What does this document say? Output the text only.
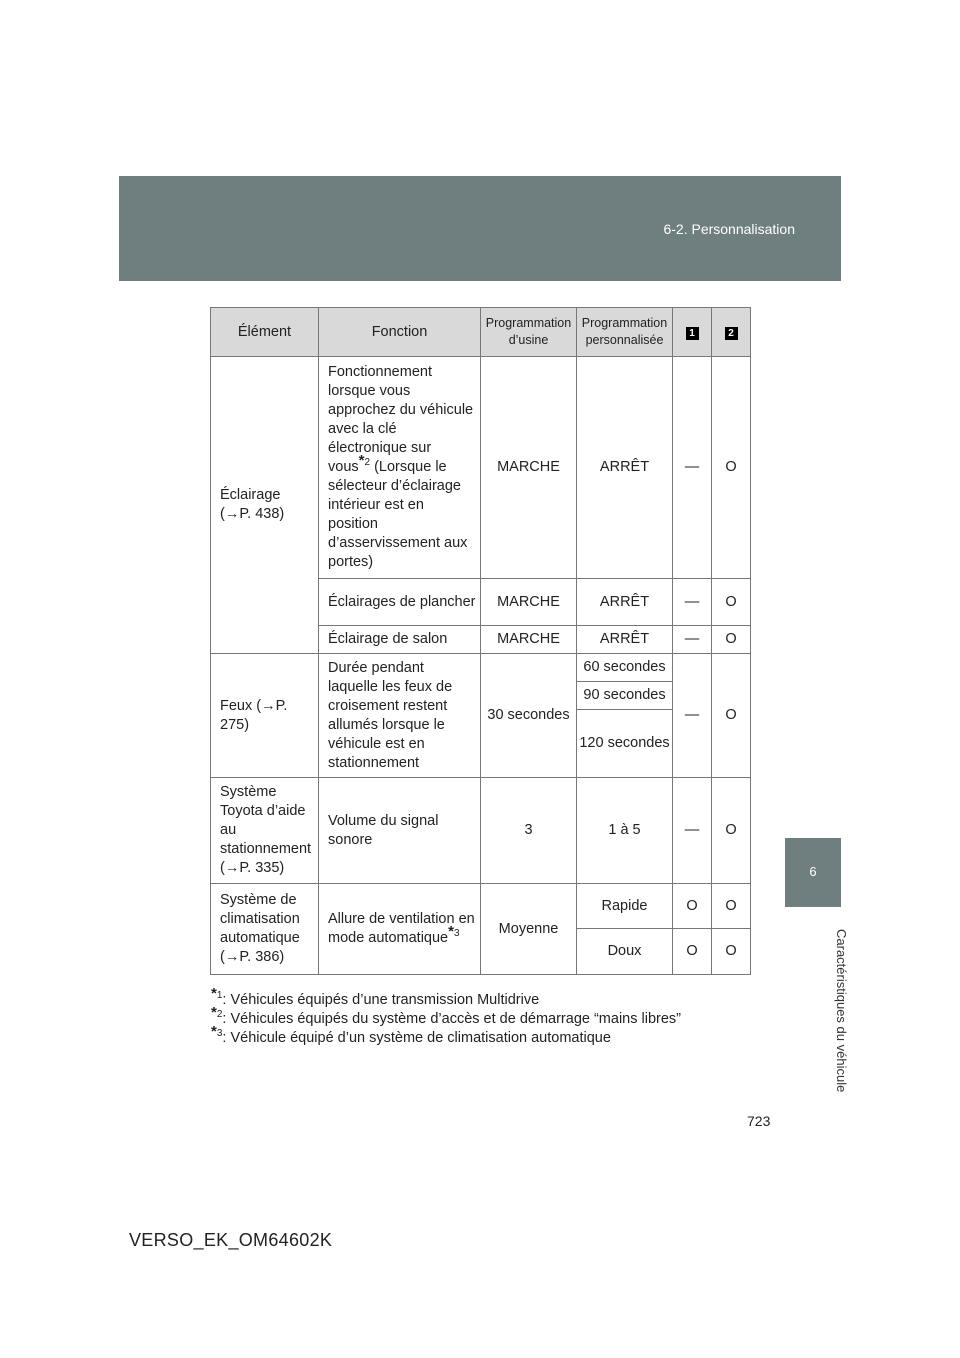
6-2. Personnalisation
6
Caractéristiques du véhicule
Élément	Fonction	Programmation d’usine	Programmation personnalisée	1	2
Éclairage (→P. 438)	Fonctionnement lorsque vous approchez du véhicule avec la clé électronique sur vous$^{*2}$ (Lorsque le sélecteur d’éclairage intérieur est en position d’asservissement aux portes)	MARCHE	ARRÊT	—	O
	Éclairages de plancher	MARCHE	ARRÊT	—	O
	Éclairage de salon	MARCHE	ARRÊT	—	O
Feux (→P. 275)	Durée pendant laquelle les feux de croisement restent allumés lorsque le véhicule est en stationnement	30 secondes	60 secondes	—	O
			90 secondes		
			120 secondes		
Système Toyota d’aide au stationnement (→P. 335)	Volume du signal sonore	3	1 à 5	—	O
Système de climatisation automatique (→P. 386)	Allure de ventilation en mode automatique$^{*3}$	Moyenne	Rapide	O	O
			Doux	O	O
$^{*1}$: Véhicules équipés d’une transmission Multidrive
$^{*2}$: Véhicules équipés du système d’accès et de démarrage “mains libres”
$^{*3}$: Véhicule équipé d’un système de climatisation automatique
723
VERSO_EK_OM64602K
